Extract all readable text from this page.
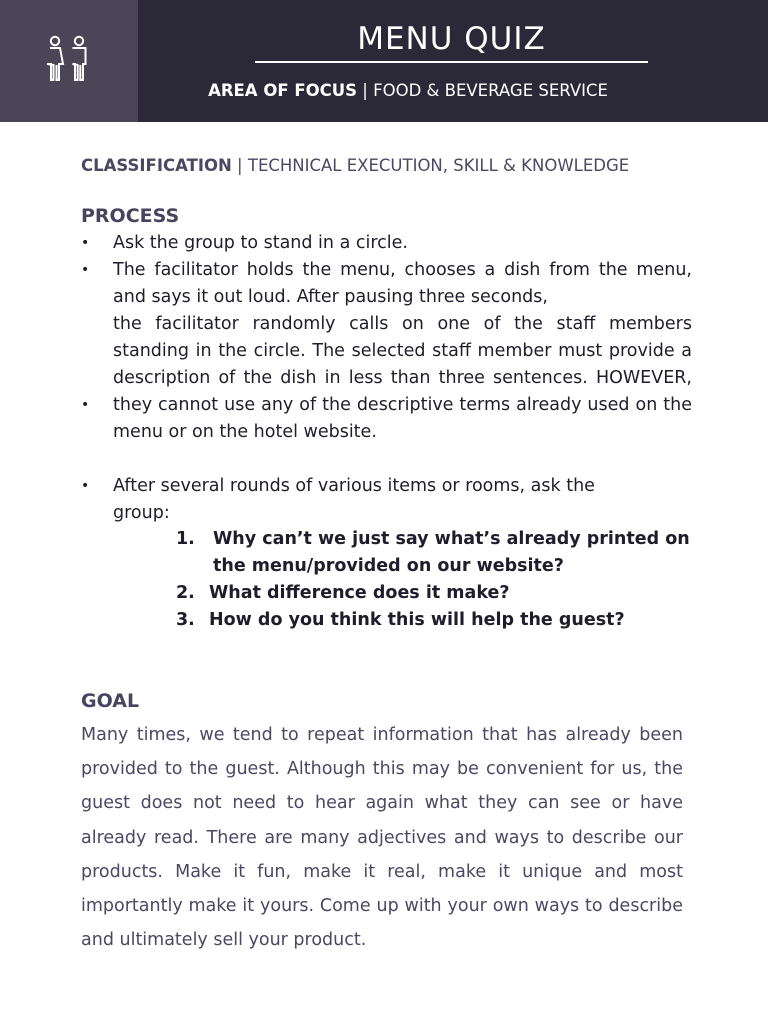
MENU QUIZ
AREA OF FOCUS | FOOD & BEVERAGE SERVICE
CLASSIFICATION | TECHNICAL EXECUTION, SKILL & KNOWLEDGE
PROCESS
•
•
•
•
Ask the group to stand in a circle.
The facilitator holds the menu, chooses a dish from the menu, and says it out loud. After pausing three seconds,
the facilitator randomly calls on one of the staff members standing in the circle. The selected staff member must provide a description of the dish in less than three sentences. HOWEVER, they cannot use any of the descriptive terms already used on the menu or on the hotel website.
After several rounds of various items or rooms, ask the group:
1. Why can’t we just say what’s already printed on the menu/provided on our website?
2. What difference does it make?
3. How do you think this will help the guest?
GOAL
Many times, we tend to repeat information that has already been provided to the guest. Although this may be convenient for us, the guest does not need to hear again what they can see or have already read. There are many adjectives and ways to describe our products. Make it fun, make it real, make it unique and most importantly make it yours. Come up with your own ways to describe and ultimately sell your product.
